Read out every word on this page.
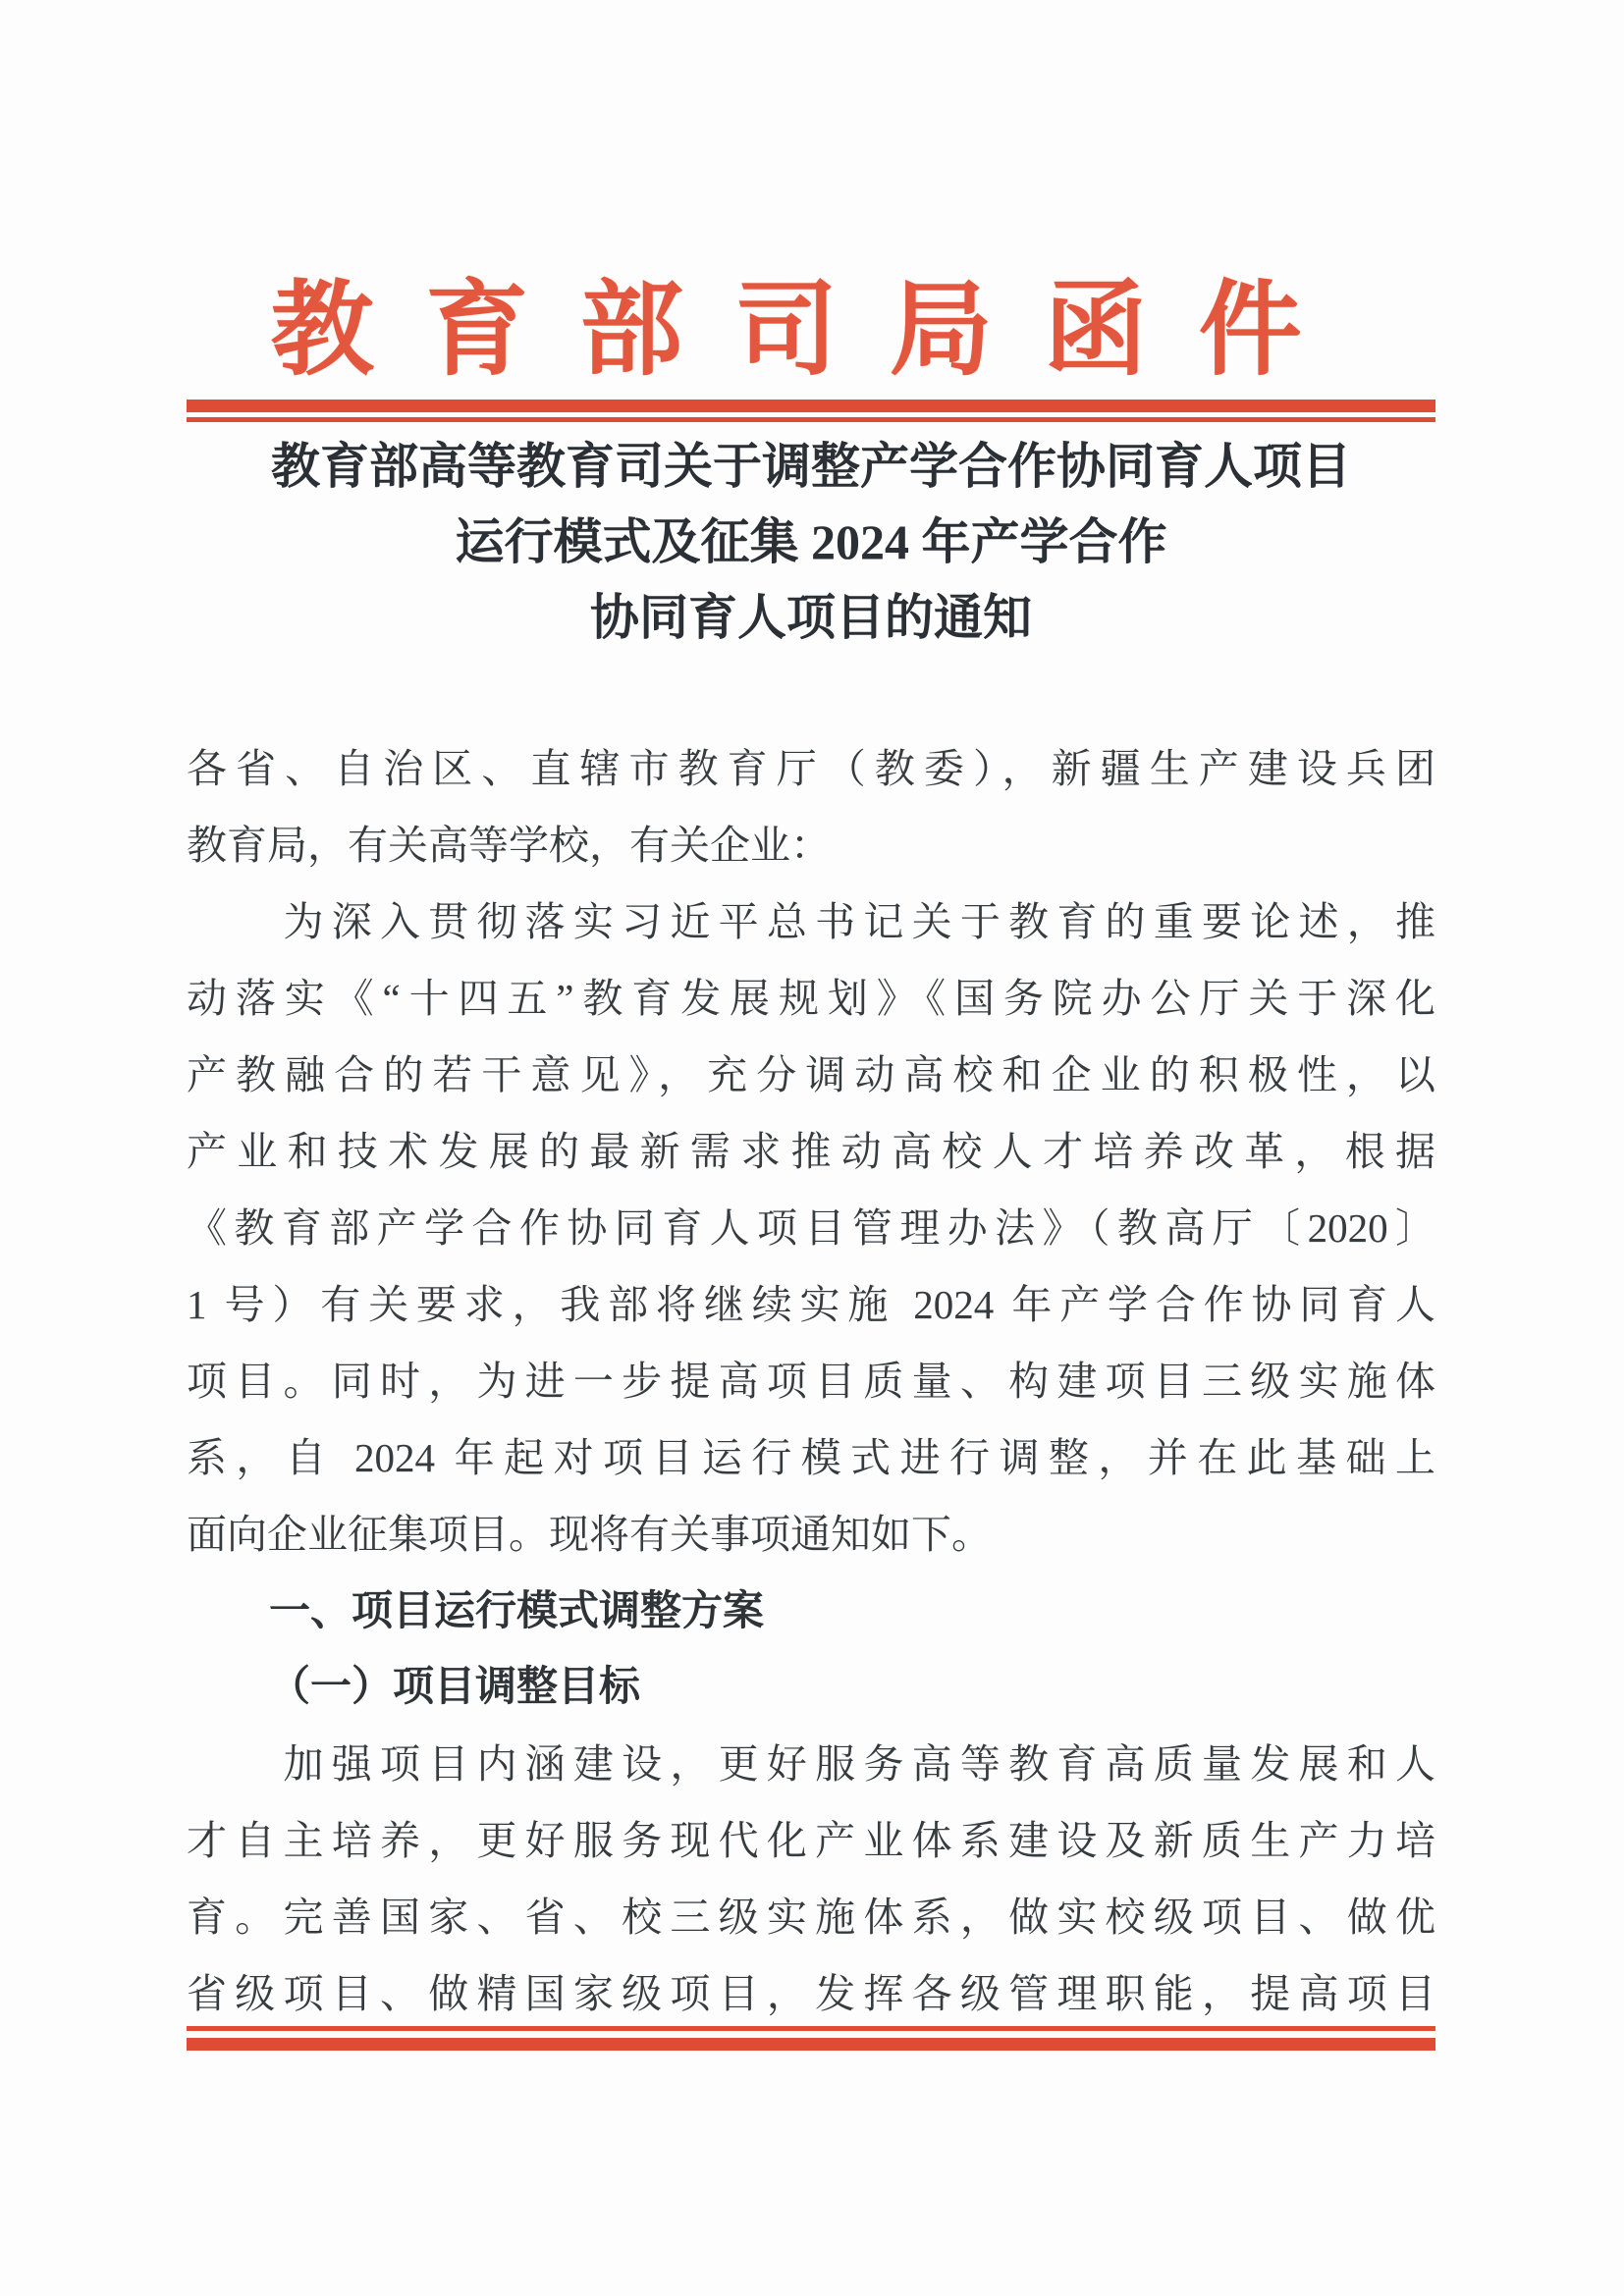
教育部司局函件
教育部高等教育司关于调整产学合作协同育人项目
运行模式及征集 2024 年产学合作
协同育人项目的通知
各省、自治区、直辖市教育厅（教委），新疆生产建设兵团
教育局，有关高等学校，有关企业：
　　为深入贯彻落实习近平总书记关于教育的重要论述，推
动落实《“十四五”教育发展规划》《国务院办公厅关于深化
产教融合的若干意见》，充分调动高校和企业的积极性，以
产业和技术发展的最新需求推动高校人才培养改革，根据
《教育部产学合作协同育人项目管理办法》（教高厅〔2020〕
1 号）有关要求，我部将继续实施 2024 年产学合作协同育人
项目。同时，为进一步提高项目质量、构建项目三级实施体
系，自 2024 年起对项目运行模式进行调整，并在此基础上
面向企业征集项目。现将有关事项通知如下。
一、项目运行模式调整方案
（一）项目调整目标
　　加强项目内涵建设，更好服务高等教育高质量发展和人
才自主培养，更好服务现代化产业体系建设及新质生产力培
育。完善国家、省、校三级实施体系，做实校级项目、做优
省级项目、做精国家级项目，发挥各级管理职能，提高项目
